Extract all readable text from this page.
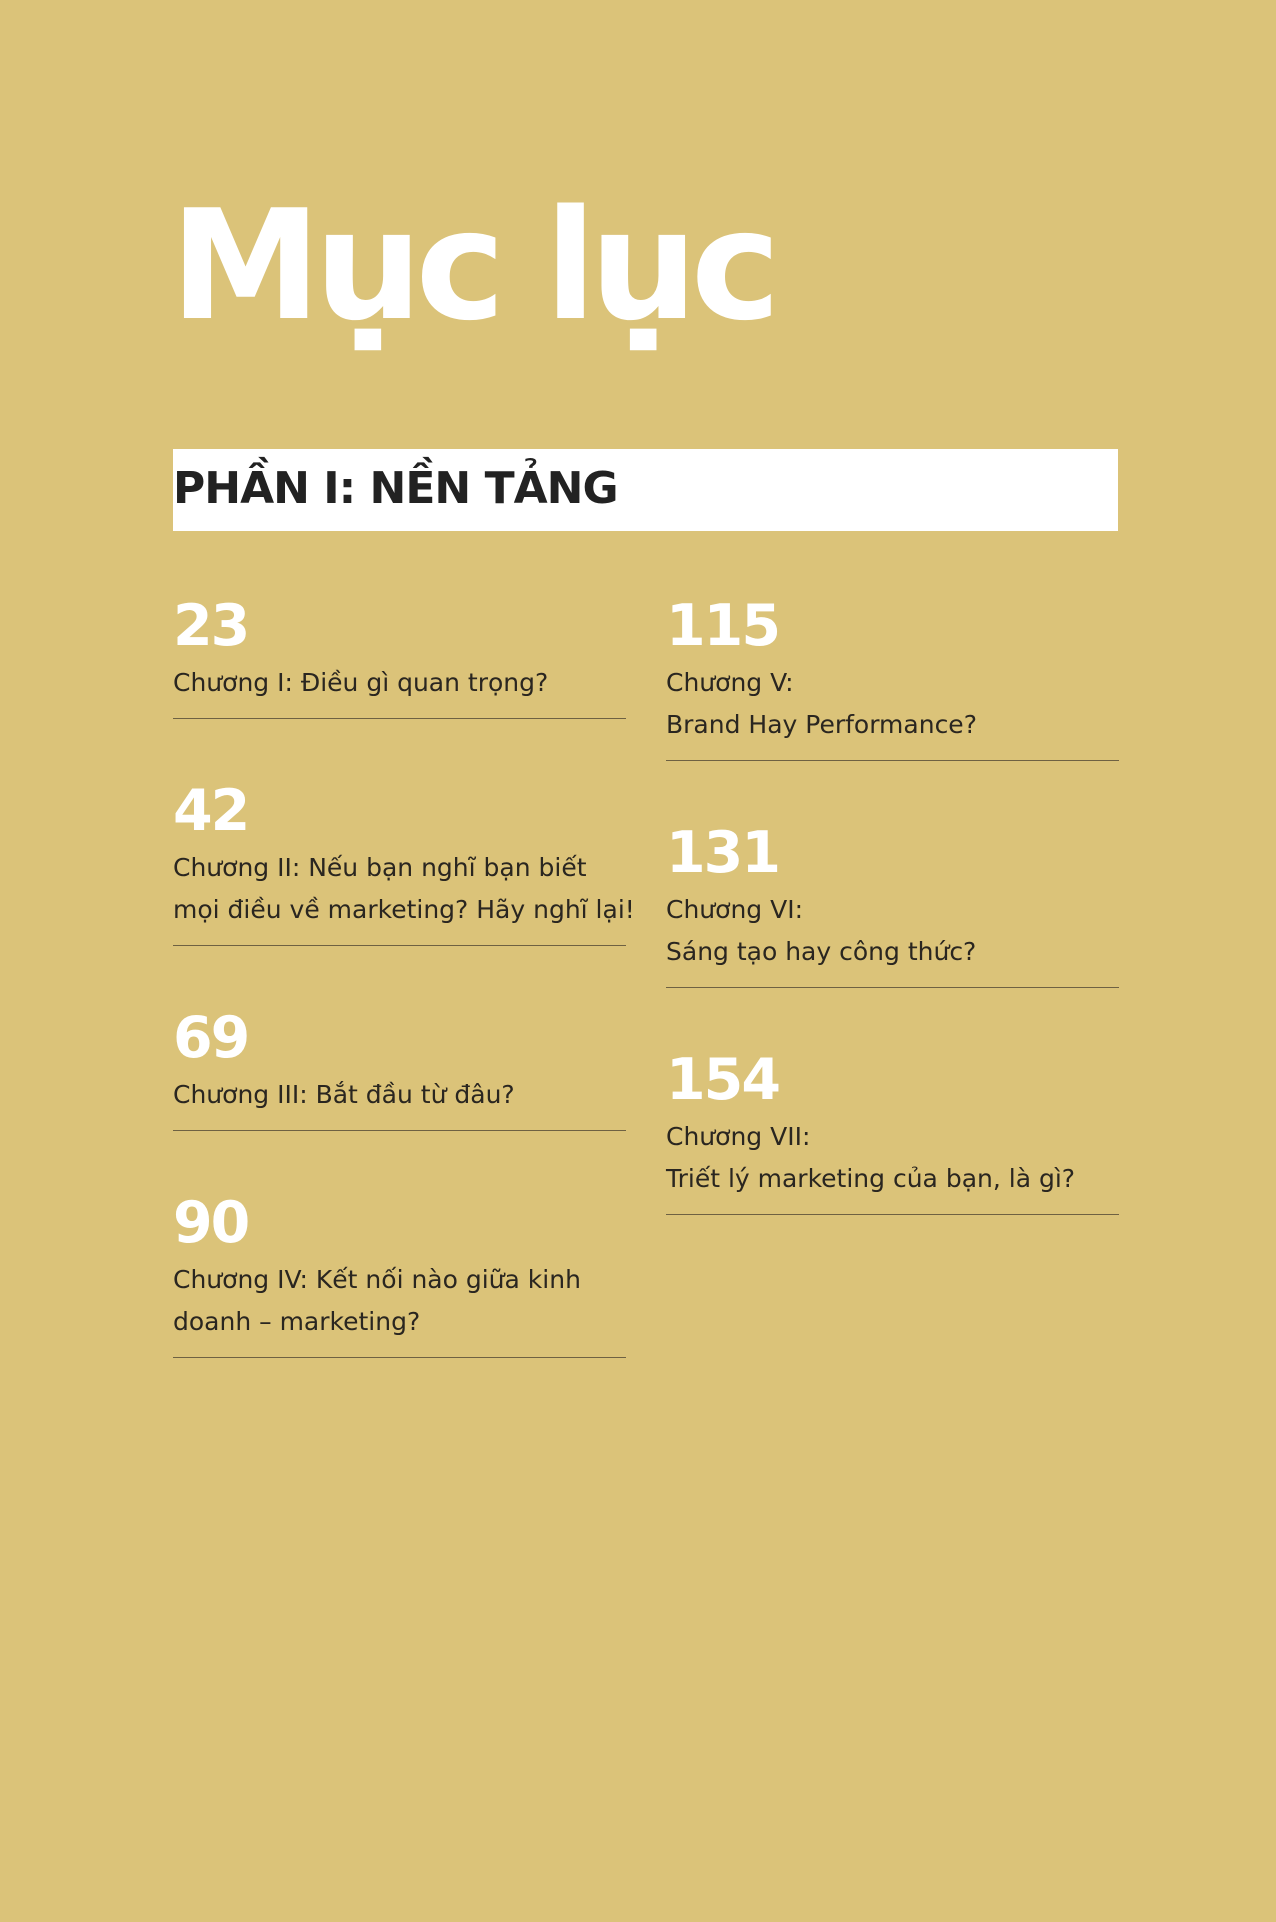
Mục lục
PHẦN I: NỀN TẢNG
23
Chương I: Điều gì quan trọng?
42
Chương II: Nếu bạn nghĩ bạn biết
mọi điều về marketing? Hãy nghĩ lại!
69
Chương III: Bắt đầu từ đâu?
90
Chương IV: Kết nối nào giữa kinh
doanh – marketing?
115
Chương V:
Brand Hay Performance?
131
Chương VI:
Sáng tạo hay công thức?
154
Chương VII:
Triết lý marketing của bạn, là gì?
